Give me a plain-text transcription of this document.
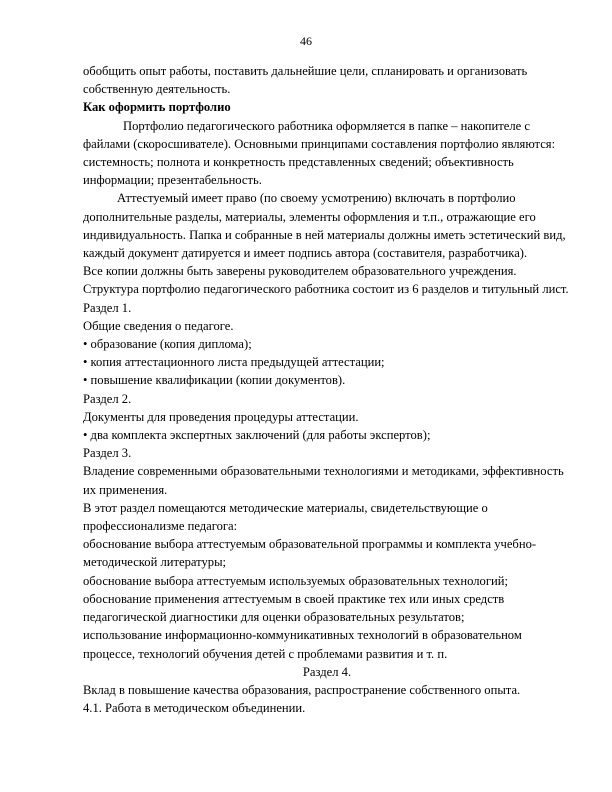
46

обобщить опыт работы, поставить дальнейшие цели, спланировать и организовать собственную деятельность.

Как оформить портфолио

Портфолио педагогического работника оформляется в папке – накопителе с файлами (скоросшивателе). Основными принципами составления портфолио являются: системность; полнота и конкретность представленных сведений; объективность информации; презентабельность.

Аттестуемый имеет право (по своему усмотрению) включать в портфолио дополнительные разделы, материалы, элементы оформления и т.п., отражающие его индивидуальность. Папка и собранные в ней материалы должны иметь эстетический вид, каждый документ датируется и имеет подпись автора (составителя, разработчика).

Все копии должны быть заверены руководителем образовательного учреждения.

Структура портфолио педагогического работника состоит из 6 разделов и титульный лист.

Раздел 1.

Общие сведения о педагоге.

• образование (копия диплома);

• копия аттестационного листа предыдущей аттестации;

• повышение квалификации (копии документов).

Раздел 2.

Документы для проведения процедуры аттестации.

• два комплекта экспертных заключений (для работы экспертов);

Раздел 3.

Владение современными образовательными технологиями и методиками, эффективность их применения.

В этот раздел помещаются методические материалы, свидетельствующие о профессионализме педагога:

обоснование выбора аттестуемым образовательной программы и комплекта учебно-методической литературы;

обоснование выбора аттестуемым используемых образовательных технологий;

обоснование применения аттестуемым в своей практике тех или иных средств педагогической диагностики для оценки образовательных результатов;

использование информационно-коммуникативных технологий в образовательном процессе, технологий обучения детей с проблемами развития и т. п.

Раздел 4.

Вклад в повышение качества образования, распространение собственного опыта.

4.1. Работа в методическом объединении.
